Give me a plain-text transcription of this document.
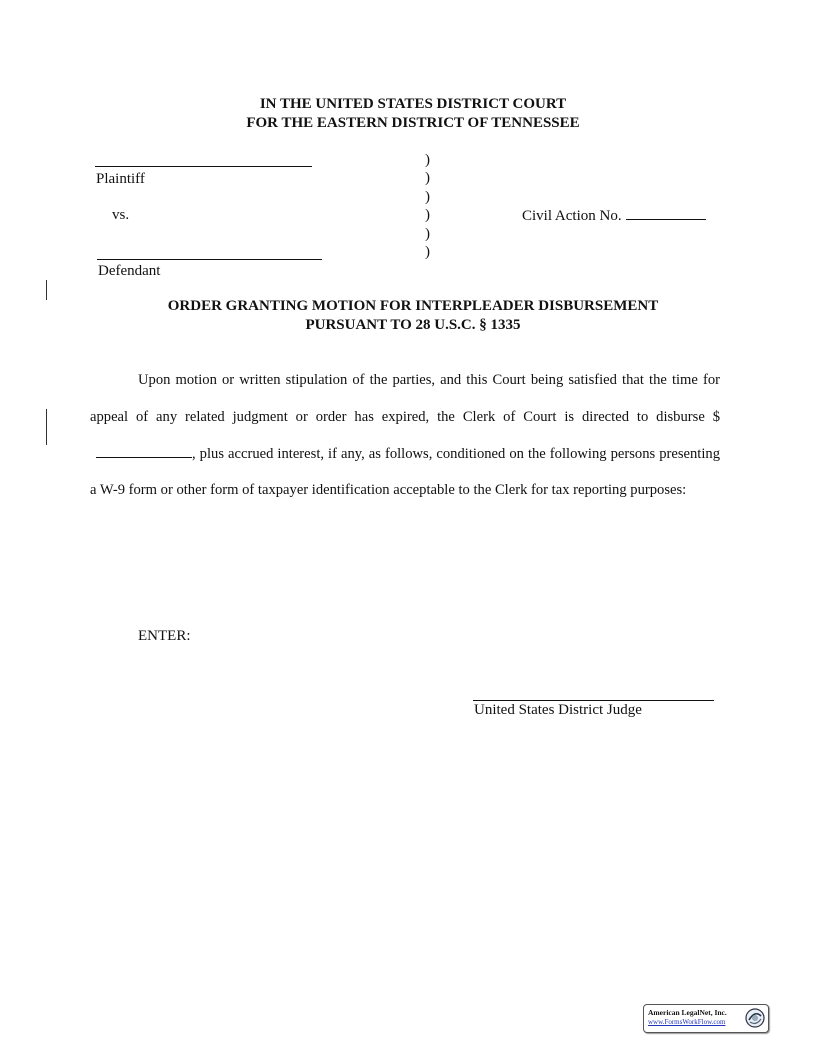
IN THE UNITED STATES DISTRICT COURT
FOR THE EASTERN DISTRICT OF TENNESSEE
Plaintiff
vs.
Defendant
)
)
)
)
)
)
Civil Action No.
ORDER GRANTING MOTION FOR INTERPLEADER DISBURSEMENT
PURSUANT TO 28 U.S.C. § 1335
Upon motion or written stipulation of the parties, and this Court being satisfied that the time for appeal of any related judgment or order has expired, the Clerk of Court is directed to disburse $, plus accrued interest, if any, as follows, conditioned on the following persons presenting a W-9 form or other form of taxpayer identification acceptable to the Clerk for tax reporting purposes:
ENTER:
United States District Judge
American LegalNet, Inc.
www.FormsWorkFlow.com
